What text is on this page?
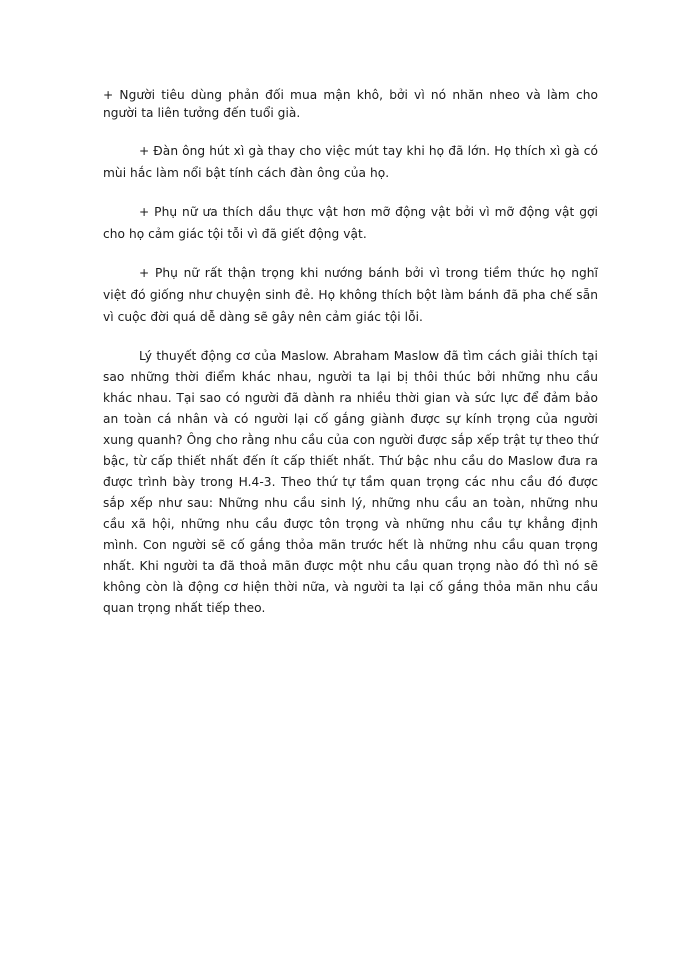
+ Người tiêu dùng phản đối mua mận khô, bởi vì nó nhăn nheo và làm cho người ta liên tưởng đến tuổi già.

+ Đàn ông hút xì gà thay cho việc mút tay khi họ đã lớn. Họ thích xì gà có mùi hắc làm nổi bật tính cách đàn ông của họ.

+ Phụ nữ ưa thích dầu thực vật hơn mỡ động vật bởi vì mỡ động vật gợi cho họ cảm giác tội tỗi vì đã giết động vật.

+ Phụ nữ rất thận trọng khi nướng bánh bởi vì trong tiềm thức họ nghĩ việt đó giống như chuyện sinh đẻ. Họ không thích bột làm bánh đã pha chế sẵn vì cuộc đời quá dễ dàng sẽ gây nên cảm giác tội lỗi.

Lý thuyết động cơ của Maslow. Abraham Maslow đã tìm cách giải thích tại sao những thời điểm khác nhau, người ta lại bị thôi thúc bởi những nhu cầu khác nhau. Tại sao có người đã dành ra nhiều thời gian và sức lực để đảm bảo an toàn cá nhân và có người lại cố gắng giành được sự kính trọng của người xung quanh? Ông cho rằng nhu cầu của con người được sắp xếp trật tự theo thứ bậc, từ cấp thiết nhất đến ít cấp thiết nhất. Thứ bậc nhu cầu do Maslow đưa ra được trình bày trong H.4-3. Theo thứ tự tầm quan trọng các nhu cầu đó được sắp xếp như sau: Những nhu cầu sinh lý, những nhu cầu an toàn, những nhu cầu xã hội, những nhu cầu được tôn trọng và những nhu cầu tự khẳng định mình. Con người sẽ cố gắng thỏa mãn trước hết là những nhu cầu quan trọng nhất. Khi người ta đã thoả mãn được một nhu cầu quan trọng nào đó thì nó sẽ không còn là động cơ hiện thời nữa, và người ta lại cố gắng thỏa mãn nhu cầu quan trọng nhất tiếp theo.
